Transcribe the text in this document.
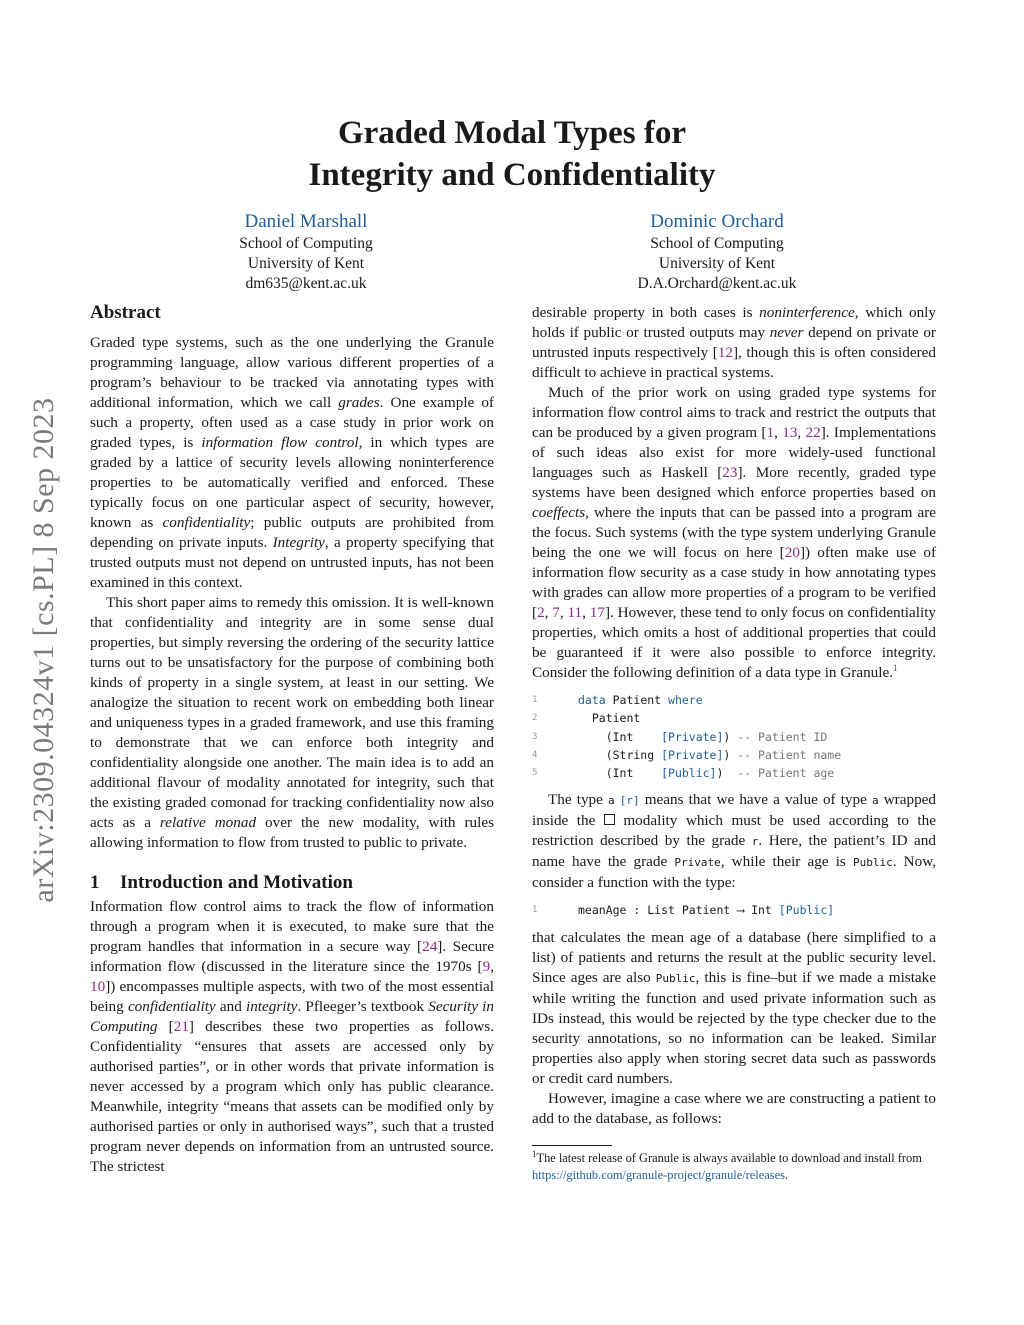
arXiv:2309.04324v1 [cs.PL] 8 Sep 2023
Graded Modal Types for
Integrity and Confidentiality
Daniel Marshall
School of Computing
University of Kent
dm635@kent.ac.uk
Dominic Orchard
School of Computing
University of Kent
D.A.Orchard@kent.ac.uk
Abstract

Graded type systems, such as the one underlying the Granule programming language, allow various different properties of a program’s behaviour to be tracked via annotating types with additional information, which we call grades. One example of such a property, often used as a case study in prior work on graded types, is information flow control, in which types are graded by a lattice of security levels allowing noninterference properties to be automatically verified and enforced. These typically focus on one particular aspect of security, however, known as confidentiality; public outputs are prohibited from depending on private inputs. Integrity, a property specifying that trusted outputs must not depend on untrusted inputs, has not been examined in this context.

This short paper aims to remedy this omission. It is well-known that confidentiality and integrity are in some sense dual properties, but simply reversing the ordering of the security lattice turns out to be unsatisfactory for the purpose of combining both kinds of property in a single system, at least in our setting. We analogize the situation to recent work on embedding both linear and uniqueness types in a graded framework, and use this framing to demonstrate that we can enforce both integrity and confidentiality alongside one another. The main idea is to add an additional flavour of modality annotated for integrity, such that the existing graded comonad for tracking confidentiality now also acts as a relative monad over the new modality, with rules allowing information to flow from trusted to public to private.

1 Introduction and Motivation

Information flow control aims to track the flow of information through a program when it is executed, to make sure that the program handles that information in a secure way [24]. Secure information flow (discussed in the literature since the 1970s [9, 10]) encompasses multiple aspects, with two of the most essential being confidentiality and integrity. Pfleeger’s textbook Security in Computing [21] describes these two properties as follows. Confidentiality “ensures that assets are accessed only by authorised parties”, or in other words that private information is never accessed by a program which only has public clearance. Meanwhile, integrity “means that assets can be modified only by authorised parties or only in authorised ways”, such that a trusted program never depends on information from an untrusted source. The strictest

desirable property in both cases is noninterference, which only holds if public or trusted outputs may never depend on private or untrusted inputs respectively [12], though this is often considered difficult to achieve in practical systems.

Much of the prior work on using graded type systems for information flow control aims to track and restrict the outputs that can be produced by a given program [1, 13, 22]. Implementations of such ideas also exist for more widely-used functional languages such as Haskell [23]. More recently, graded type systems have been designed which enforce properties based on coeffects, where the inputs that can be passed into a program are the focus. Such systems (with the type system underlying Granule being the one we will focus on here [20]) often make use of information flow security as a case study in how annotating types with grades can allow more properties of a program to be verified [2, 7, 11, 17]. However, these tend to only focus on confidentiality properties, which omits a host of additional properties that could be guaranteed if it were also possible to enforce integrity. Consider the following definition of a data type in Granule.$^1$

1	data Patient where
2	Patient
3	(Int [Private] )
-- Patient ID
4	(String [Private] )
-- Patient name
5	(Int [Public] )
-- Patient age

The type a [r] means that we have a value of type a wrapped inside the  modality which must be used according to the restriction described by the grade r. Here, the patient’s ID and name have the grade Private, while their age is Public. Now, consider a function with the type:

1	meanAge : List Patient ⟶ Int [Public]

that calculates the mean age of a database (here simplified to a list) of patients and returns the result at the public security level. Since ages are also Public, this is fine–but if we made a mistake while writing the function and used private information such as IDs instead, this would be rejected by the type checker due to the security annotations, so no information can be leaked. Similar properties also apply when storing secret data such as passwords or credit card numbers.

However, imagine a case where we are constructing a patient to add to the database, as follows:

$^1$The latest release of Granule is always available to download and install from https://github.com/granule-project/granule/releases.
